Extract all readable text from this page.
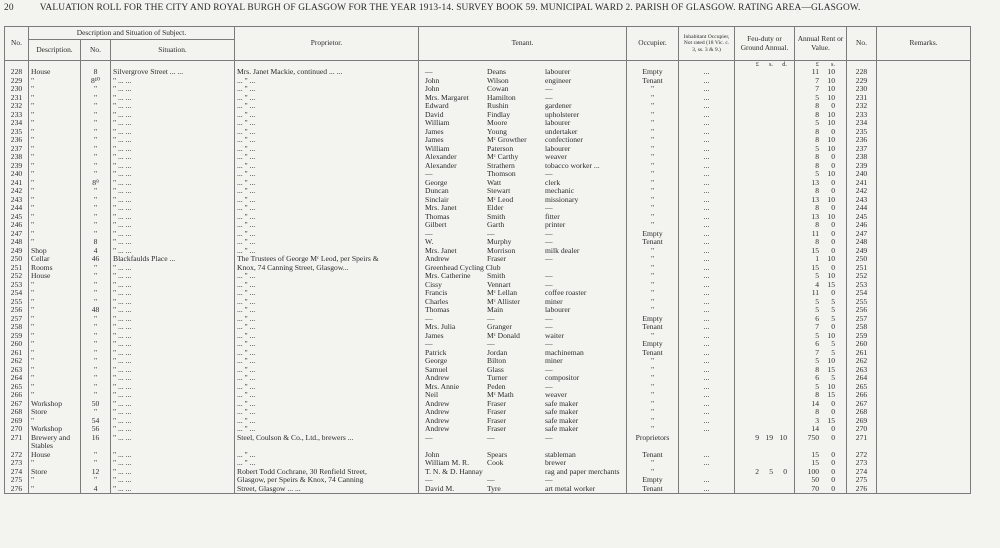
20	VALUATION ROLL FOR THE CITY AND ROYAL BURGH OF GLASGOW FOR THE YEAR 1913-14. SURVEY BOOK 59. MUNICIPAL WARD 2. PARISH OF GLASGOW. RATING AREA—GLASGOW.
No.	Description and Situation of Subject.			Proprietor.	Tenant.	Occupier.	Inhabitant Occupier, Not rated (18 Vic. c. 3, ss. 3 & 9.)	Feu-duty or Ground Annual.	Annual Rent or Value.	No.	Remarks.
	Description.	No.	Situation.								
								£ s. d.	£ s.		
228	House	8	Silvergrove Street ... ...	Mrs. Janet Mackie, continued ... ...	— Deans labourer	Empty	...		11 10	228	
229	"	8¹⁰	" ... ...	... " ...	John Wilson engineer	Tenant	...		7 10	229	
230	"	"	" ... ...	... " ...	John Cowan —	"	...		7 10	230	
231	"	"	" ... ...	... " ...	Mrs. Margaret Hamilton —	"	...		5 10	231	
232	"	"	" ... ...	... " ...	Edward Rushin gardener	"	...		8 0	232	
233	"	"	" ... ...	... " ...	David Findlay upholsterer	"	...		8 10	233	
234	"	"	" ... ...	... " ...	William Moore labourer	"	...		5 10	234	
235	"	"	" ... ...	... " ...	James Young undertaker	"	...		8 0	235	
236	"	"	" ... ...	... " ...	James Mᶜ Growther confectioner	"	...		8 10	236	
237	"	"	" ... ...	... " ...	William Paterson labourer	"	...		5 10	237	
238	"	"	" ... ...	... " ...	Alexander Mᶜ Carthy weaver	"	...		8 0	238	
239	"	"	" ... ...	... " ...	Alexander Strathern tobacco worker ...	"	...		8 0	239	
240	"	"	" ... ...	... " ...	— Thomson —	"	...		5 10	240	
241	"	8⁹	" ... ...	... " ...	George Watt clerk	"	...		13 0	241	
242	"	"	" ... ...	... " ...	Duncan Stewart mechanic	"	...		8 0	242	
243	"	"	" ... ...	... " ...	Sinclair Mᶜ Leod missionary	"	...		13 10	243	
244	"	"	" ... ...	... " ...	Mrs. Janet Elder —	"	...		8 0	244	
245	"	"	" ... ...	... " ...	Thomas Smith fitter	"	...		13 10	245	
246	"	"	" ... ...	... " ...	Gilbert Garth printer	"	...		8 0	246	
247	"	"	" ... ...	... " ...	— — —	Empty	...		11 0	247	
248	"	8	" ... ...	... " ...	W. Murphy —	Tenant	...		8 0	248	
249	Shop	4	" ... ...	... " ...	Mrs. Janet Morrison milk dealer	"	...		15 0	249	
250	Cellar	46	Blackfaulds Place ...	The Trustees of George Mᶜ Leod, per Speirs &	Andrew Fraser —	"	...		1 10	250	
251	Rooms	"	" ... ...	Knox, 74 Canning Street, Glasgow...	Greenhead Cycling Club	"	...		15 0	251	
252	House	"	" ... ...	... " ...	Mrs. Catherine Smith —	"	...		5 10	252	
253	"	"	" ... ...	... " ...	Cissy Vennart —	"	...		4 15	253	
254	"	"	" ... ...	... " ...	Francis Mᶜ Lellan coffee roaster	"	...		11 0	254	
255	"	"	" ... ...	... " ...	Charles Mᶜ Allister miner	"	...		5 5	255	
256	"	48	" ... ...	... " ...	Thomas Main labourer	"	...		5 5	256	
257	"	"	" ... ...	... " ...	— — —	Empty	...		6 5	257	
258	"	"	" ... ...	... " ...	Mrs. Julia Granger —	Tenant	...		7 0	258	
259	"	"	" ... ...	... " ...	James Mᶜ Donald waiter	"	...		5 10	259	
260	"	"	" ... ...	... " ...	— — —	Empty	...		6 5	260	
261	"	"	" ... ...	... " ...	Patrick Jordan machineman	Tenant	...		7 5	261	
262	"	"	" ... ...	... " ...	George Bilton miner	"	...		5 10	262	
263	"	"	" ... ...	... " ...	Samuel Glass —	"	...		8 15	263	
264	"	"	" ... ...	... " ...	Andrew Turner compositor	"	...		6 5	264	
265	"	"	" ... ...	... " ...	Mrs. Annie Peden —	"	...		5 10	265	
266	"	"	" ... ...	... " ...	Neil Mᶜ Math weaver	"	...		8 15	266	
267	Workshop	50	" ... ...	... " ...	Andrew Fraser safe maker	"	...		14 0	267	
268	Store	"	" ... ...	... " ...	Andrew Fraser safe maker	"	...		8 0	268	
269	"	54	" ... ...	... " ...	Andrew Fraser safe maker	"	...		3 15	269	
270	Workshop	56	" ... ...	... " ...	Andrew Fraser safe maker	"	...		14 0	270	
271	Brewery and	16	" ... ...	Steel, Coulson & Co., Ltd., brewers ...	— — —	Proprietors		9 19 10	750 0	271	
	Stables										
272	House	"	" ... ...	... " ...	John Spears stableman	Tenant	...		15 0	272	
273	"	"	" ... ...	... " ...	William M. R. Cook brewer	"	...		15 0	273	
274	Store	12	" ... ...	Robert Todd Cochrane, 30 Renfield Street,	T. N. & D. Hannay rag and paper merchants	"		2 5 0	100 0	274	
275	"	"	" ... ...	Glasgow, per Speirs & Knox, 74 Canning	— — —	Empty	...		50 0	275	
276	"	4	" ... ...	Street, Glasgow ... ...	David M. Tyre art metal worker	Tenant	...		70 0	276	
